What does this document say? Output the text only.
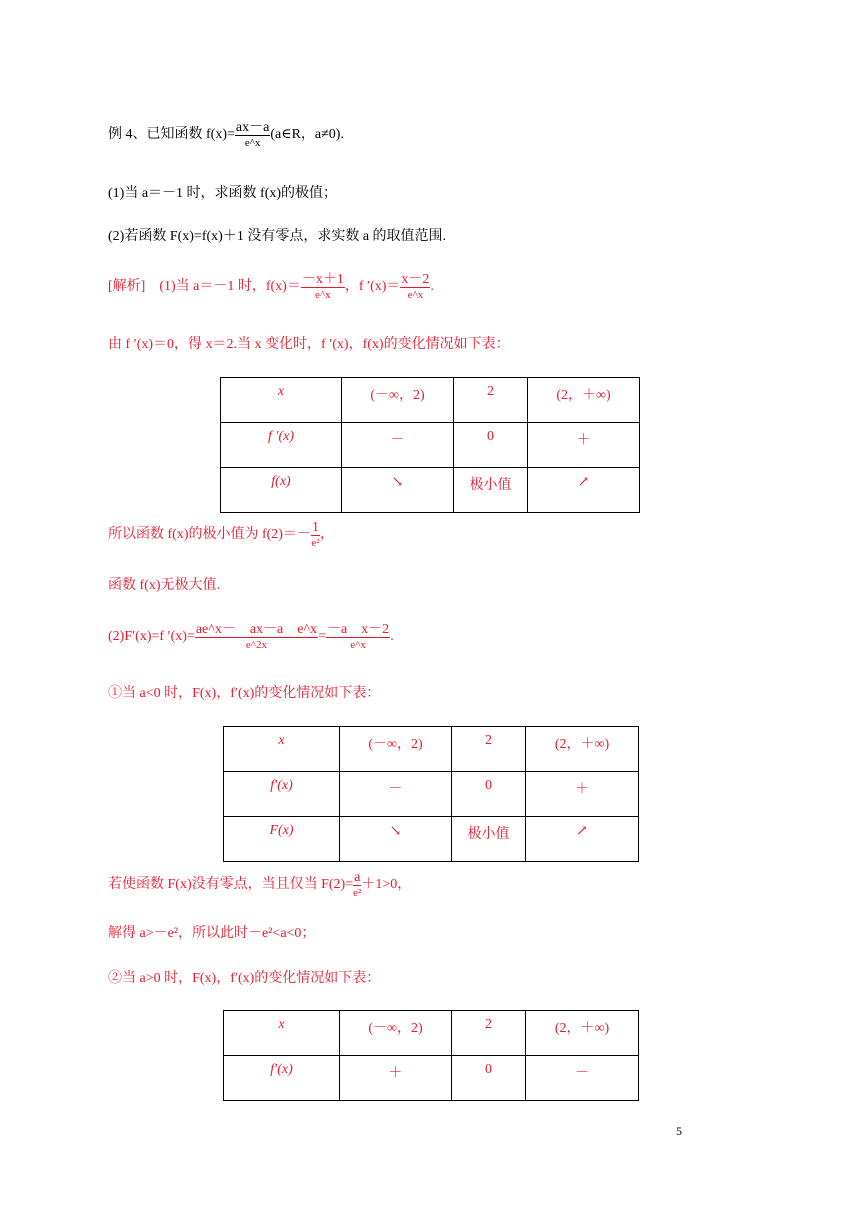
例 4、已知函数 $f(x)= \frac{ax-a}{e\^{}x}$ (a∈R，a≠0).
(1)当 a＝－1 时，求函数 f(x)的极值；
(2)若函数 F(x)=f(x)＋1 没有零点，求实数 a 的取值范围.
[解析]　(1)当 a＝－1 时，$f(x)= \frac{-x+1}{e\^{}x}$ ，f $'(x)= \frac{x-2}{e\^{}x}$ .
由 f ′(x)＝0，得 x＝2.当 x 变化时，f ′(x)，f(x)的变化情况如下表：
x	(－∞，2)	2	(2，＋∞)
f ′(x)	－	0	＋
f(x)	↘	极小值	↗
所以函数 f(x)的极小值为 $f(2)=- \frac{1}{\text{e²}}$ ，
函数 f(x)无极大值.
(2)F′(x)=f $'(x)= \frac{\text{ae\textasciicircum{}x－　ax－a　e\textasciicircum{}x}}{e\^{}2x} = \frac{\text{－a　x－2}}{e\^{}x}$ .
①当 a<0 时，F(x)，f′(x)的变化情况如下表：
x	(－∞，2)	2	(2，＋∞)
f′(x)	－	0	＋
F(x)	↘	极小值	↗
若使函数 F(x)没有零点，当且仅当 $F(2)= \frac{a}{\text{e²}} +1>0$，
解得 a>－e²，所以此时－e²<a<0；
②当 a>0 时，F(x)，f′(x)的变化情况如下表：
x	(－∞，2)	2	(2，＋∞)
f′(x)	＋	0	－
5
